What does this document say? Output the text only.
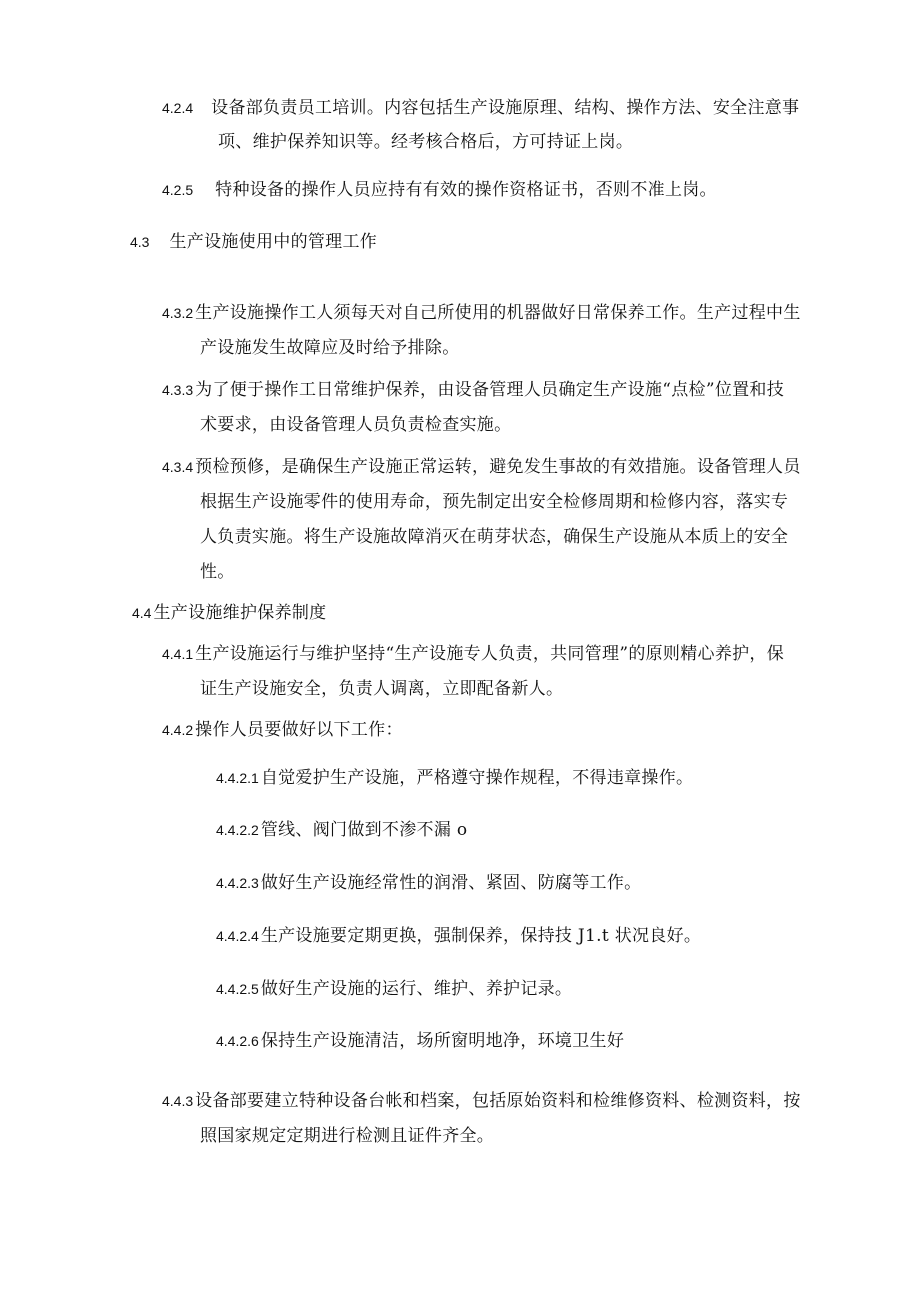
4.2.4 设备部负责员工培训。内容包括生产设施原理、结构、操作方法、安全注意事
项、维护保养知识等。经考核合格后，方可持证上岗。
4.2.5 特种设备的操作人员应持有有效的操作资格证书，否则不准上岗。
4.3 生产设施使用中的管理工作
4.3.2 生产设施操作工人须每天对自己所使用的机器做好日常保养工作。生产过程中生
产设施发生故障应及时给予排除。
4.3.3 为了便于操作工日常维护保养，由设备管理人员确定生产设施“点检”位置和技
术要求，由设备管理人员负责检查实施。
4.3.4 预检预修，是确保生产设施正常运转，避免发生事故的有效措施。设备管理人员
根据生产设施零件的使用寿命，预先制定出安全检修周期和检修内容，落实专
人负责实施。将生产设施故障消灭在萌芽状态，确保生产设施从本质上的安全
性。
4.4 生产设施维护保养制度
4.4.1 生产设施运行与维护坚持“生产设施专人负责，共同管理”的原则精心养护，保
证生产设施安全，负责人调离，立即配备新人。
4.4.2 操作人员要做好以下工作：
4.4.2.1 自觉爱护生产设施，严格遵守操作规程，不得违章操作。
4.4.2.2 管线、阀门做到不渗不漏 o
4.4.2.3 做好生产设施经常性的润滑、紧固、防腐等工作。
4.4.2.4 生产设施要定期更换，强制保养，保持技 J1.t 状况良好。
4.4.2.5 做好生产设施的运行、维护、养护记录。
4.4.2.6 保持生产设施清洁，场所窗明地净，环境卫生好
4.4.3 设备部要建立特种设备台帐和档案，包括原始资料和检维修资料、检测资料，按
照国家规定定期进行检测且证件齐全。
